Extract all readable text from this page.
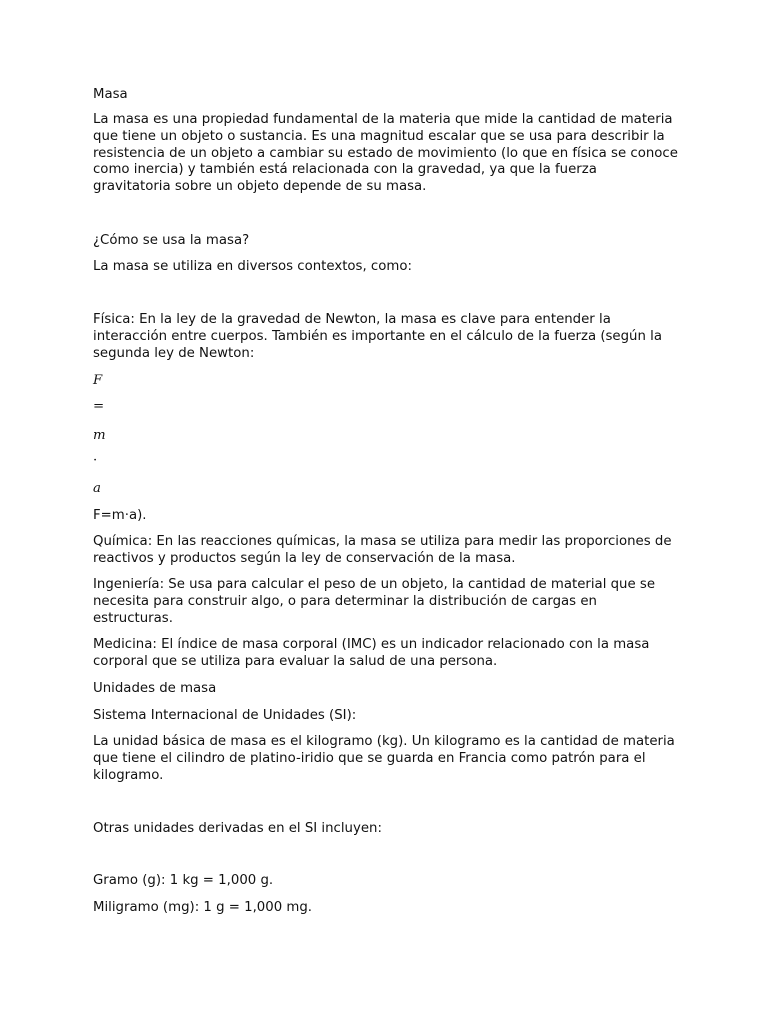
Masa

La masa es una propiedad fundamental de la materia que mide la cantidad de materia que tiene un objeto o sustancia. Es una magnitud escalar que se usa para describir la resistencia de un objeto a cambiar su estado de movimiento (lo que en física se conoce como inercia) y también está relacionada con la gravedad, ya que la fuerza gravitatoria sobre un objeto depende de su masa.

¿Cómo se usa la masa?

La masa se utiliza en diversos contextos, como:

Física: En la ley de la gravedad de Newton, la masa es clave para entender la interacción entre cuerpos. También es importante en el cálculo de la fuerza (según la segunda ley de Newton:

F

=

m

·

a

F=m·a).

Química: En las reacciones químicas, la masa se utiliza para medir las proporciones de reactivos y productos según la ley de conservación de la masa.

Ingeniería: Se usa para calcular el peso de un objeto, la cantidad de material que se necesita para construir algo, o para determinar la distribución de cargas en estructuras.

Medicina: El índice de masa corporal (IMC) es un indicador relacionado con la masa corporal que se utiliza para evaluar la salud de una persona.

Unidades de masa

Sistema Internacional de Unidades (SI):

La unidad básica de masa es el kilogramo (kg). Un kilogramo es la cantidad de materia que tiene el cilindro de platino-iridio que se guarda en Francia como patrón para el kilogramo.

Otras unidades derivadas en el SI incluyen:

Gramo (g): 1 kg = 1,000 g.

Miligramo (mg): 1 g = 1,000 mg.
